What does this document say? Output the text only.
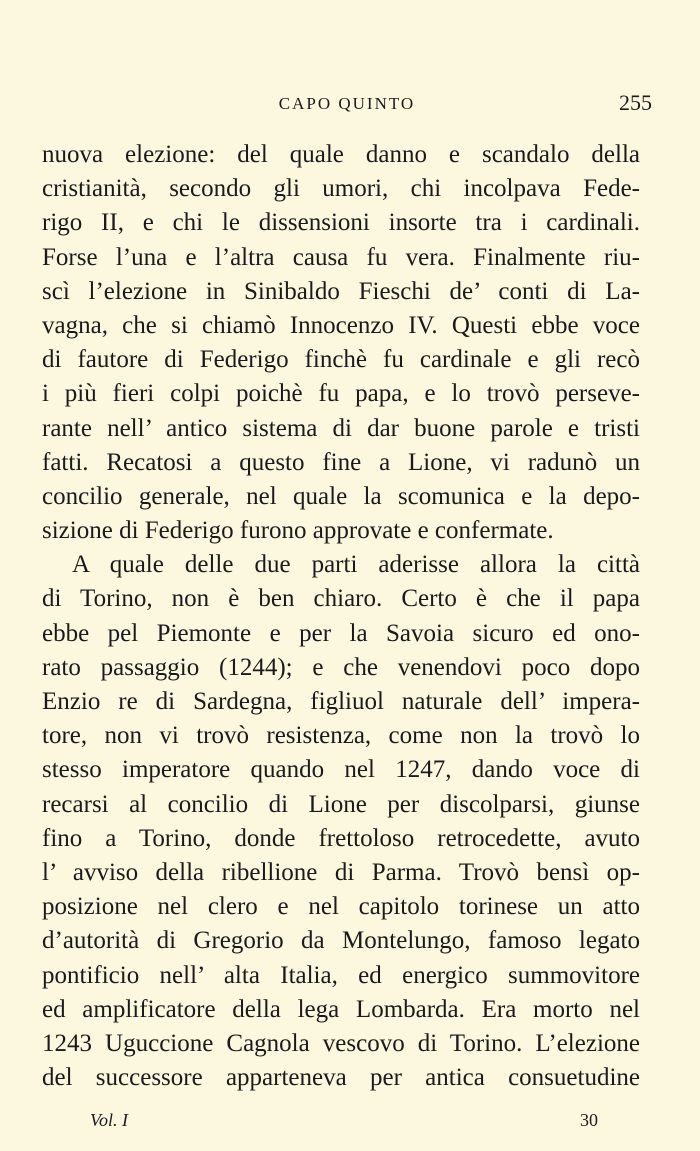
CAPO QUINTO	255
nuova elezione: del quale danno e scandalo della
cristianità, secondo gli umori, chi incolpava Fede-
rigo II, e chi le dissensioni insorte tra i cardinali.
Forse l’una e l’altra causa fu vera. Finalmente riu-
scì l’elezione in Sinibaldo Fieschi de’ conti di La-
vagna, che si chiamò Innocenzo IV. Questi ebbe voce
di fautore di Federigo finchè fu cardinale e gli recò
i più fieri colpi poichè fu papa, e lo trovò perseve-
rante nell’ antico sistema di dar buone parole e tristi
fatti. Recatosi a questo fine a Lione, vi radunò un
concilio generale, nel quale la scomunica e la depo-
sizione di Federigo furono approvate e confermate.
A quale delle due parti aderisse allora la città
di Torino, non è ben chiaro. Certo è che il papa
ebbe pel Piemonte e per la Savoia sicuro ed ono-
rato passaggio (1244); e che venendovi poco dopo
Enzio re di Sardegna, figliuol naturale dell’ impera-
tore, non vi trovò resistenza, come non la trovò lo
stesso imperatore quando nel 1247, dando voce di
recarsi al concilio di Lione per discolparsi, giunse
fino a Torino, donde frettoloso retrocedette, avuto
l’ avviso della ribellione di Parma. Trovò bensì op-
posizione nel clero e nel capitolo torinese un atto
d’autorità di Gregorio da Montelungo, famoso legato
pontificio nell’ alta Italia, ed energico summovitore
ed amplificatore della lega Lombarda. Era morto nel
1243 Uguccione Cagnola vescovo di Torino. L’elezione
del successore apparteneva per antica consuetudine
Vol. I	30
